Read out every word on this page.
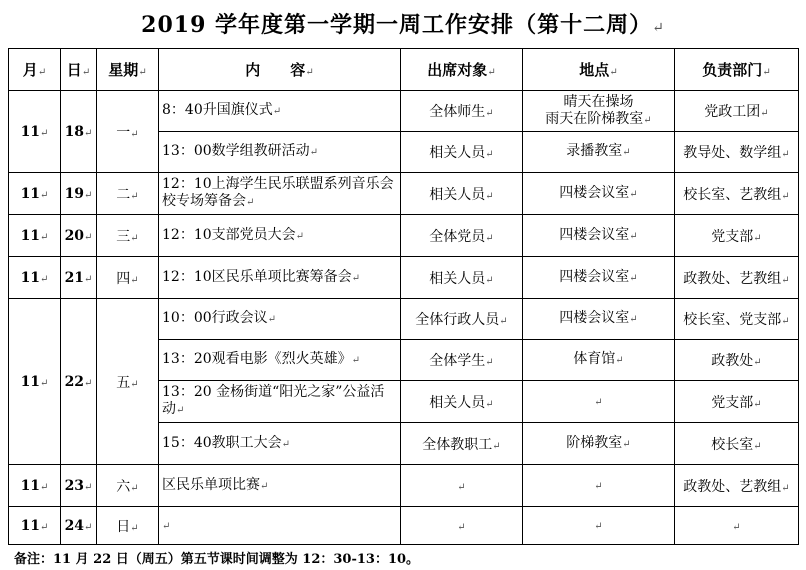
2019 学年度第一学期一周工作安排（第十二周）↵
月↵	日↵	星期↵	内　　容↵	出席对象↵	地点↵	负责部门↵
11↵	18↵	一↵	8：40升国旗仪式↵	全体师生↵	晴天在操场
雨天在阶梯教室↵	党政工团↵
			13：00数学组教研活动↵	相关人员↵	录播教室↵	教导处、数学组↵
11↵	19↵	二↵	12：10上海学生民乐联盟系列音乐会校专场筹备会↵	相关人员↵	四楼会议室↵	校长室、艺教组↵
11↵	20↵	三↵	12：10支部党员大会↵	全体党员↵	四楼会议室↵	党支部↵
11↵	21↵	四↵	12：10区民乐单项比赛筹备会↵	相关人员↵	四楼会议室↵	政教处、艺教组↵
11↵	22↵	五↵	10：00行政会议↵	全体行政人员↵	四楼会议室↵	校长室、党支部↵
			13：20观看电影《烈火英雄》↵	全体学生↵	体育馆↵	政教处↵
			13：20 金杨街道“阳光之家”公益活动↵	相关人员↵	↵	党支部↵
			15：40教职工大会↵	全体教职工↵	阶梯教室↵	校长室↵
11↵	23↵	六↵	区民乐单项比赛↵	↵	↵	政教处、艺教组↵
11↵	24↵	日↵	↵	↵	↵	↵
备注：11 月 22 日（周五）第五节课时间调整为 12：30-13：10。
